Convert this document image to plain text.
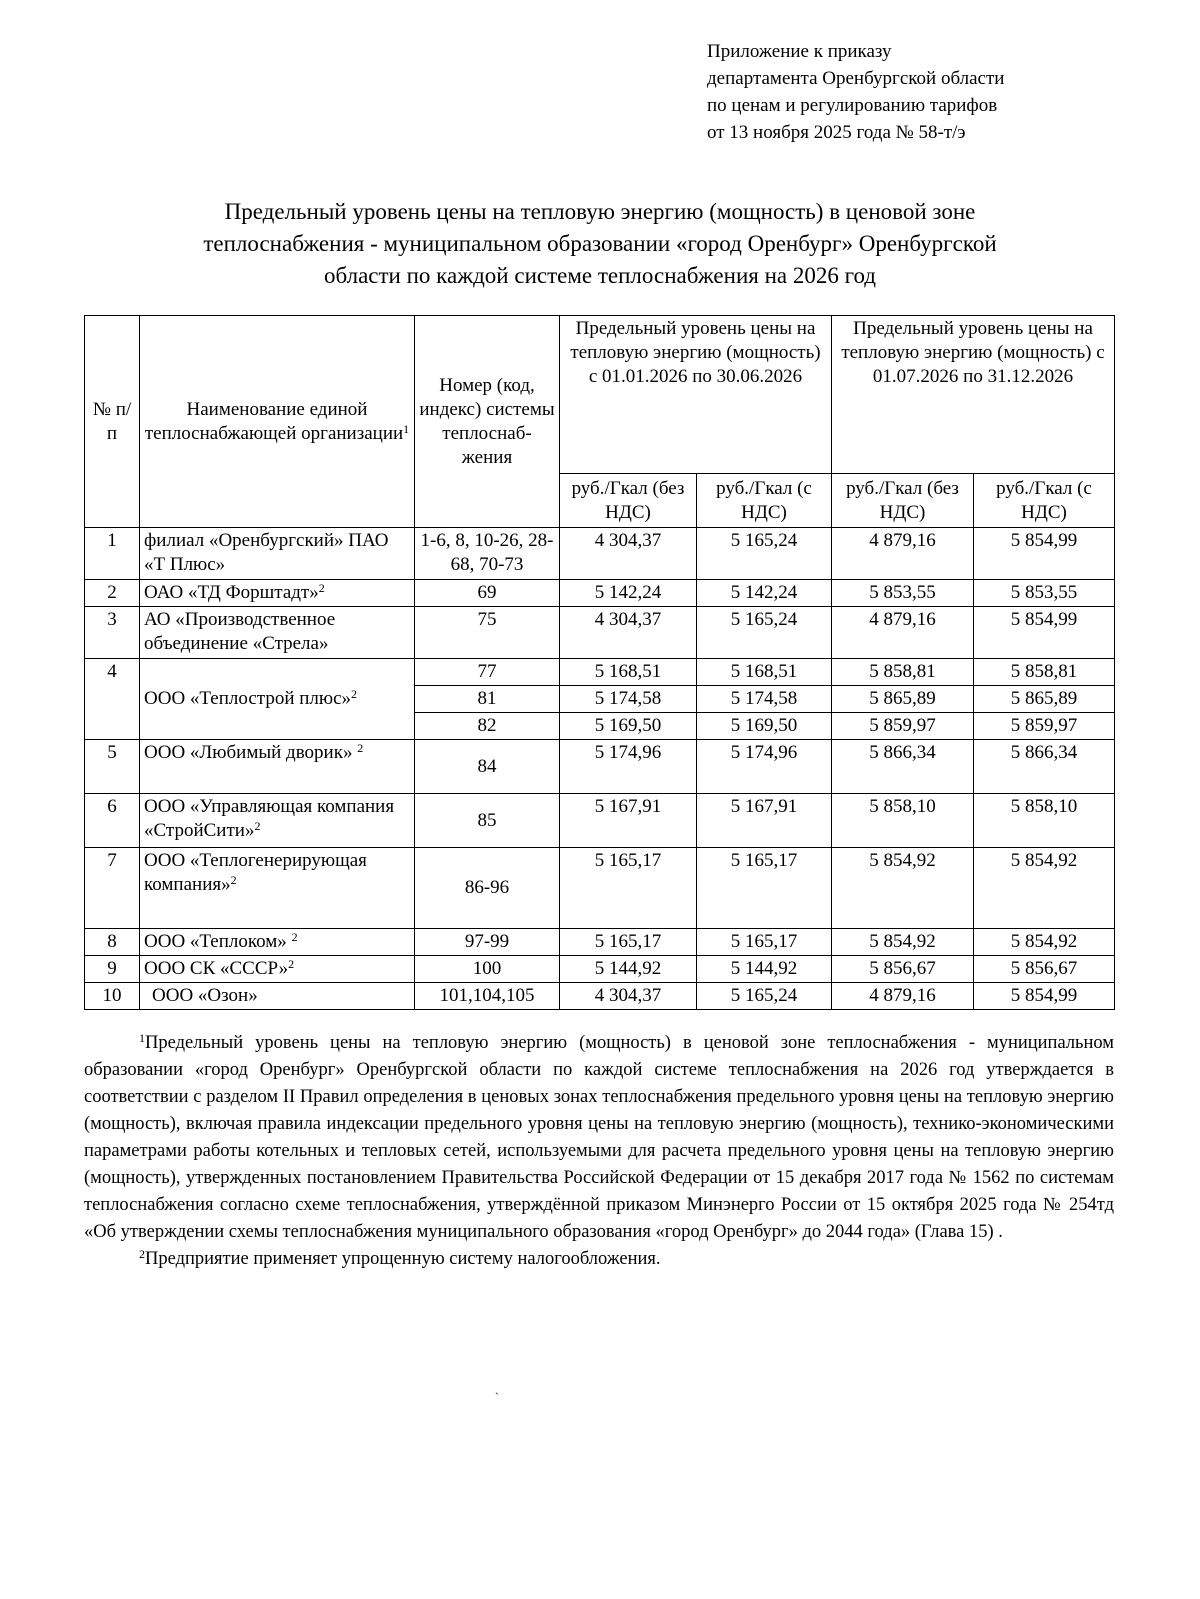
Приложение к приказу
департамента Оренбургской области
по ценам и регулированию тарифов
от 13 ноября 2025 года № 58-т/э
Предельный уровень цены на тепловую энергию (мощность) в ценовой зоне
теплоснабжения - муниципальном образовании «город Оренбург» Оренбургской
области по каждой системе теплоснабжения на 2026 год
№ п/п	Наименование единой теплоснабжающей организации$^1$	Номер (код, индекс) системы теплоснаб-жения	Предельный уровень цены на тепловую энергию (мощность) с 01.01.2026 по 30.06.2026		Предельный уровень цены на тепловую энергию (мощность) с 01.07.2026 по 31.12.2026	
			руб./Гкал (без НДС)	руб./Гкал (с НДС)	руб./Гкал (без НДС)	руб./Гкал (с НДС)
1	филиал «Оренбургский» ПАО «Т Плюс»	1-6, 8, 10-26, 28-68, 70-73	4 304,37	5 165,24	4 879,16	5 854,99
2	ОАО «ТД Форштадт»$^2$	69	5 142,24	5 142,24	5 853,55	5 853,55
3	АО «Производственное объединение «Стрела»	75	4 304,37	5 165,24	4 879,16	5 854,99
4	ООО «Теплострой плюс»$^2$	77	5 168,51	5 168,51	5 858,81	5 858,81
		81	5 174,58	5 174,58	5 865,89	5 865,89
		82	5 169,50	5 169,50	5 859,97	5 859,97
5	ООО «Любимый дворик» $^2$	84	5 174,96	5 174,96	5 866,34	5 866,34
6	ООО «Управляющая компания «СтройСити»$^2$	85	5 167,91	5 167,91	5 858,10	5 858,10
7	ООО «Теплогенерирующая компания»$^2$	86-96	5 165,17	5 165,17	5 854,92	5 854,92
8	ООО «Теплоком» $^2$	97-99	5 165,17	5 165,17	5 854,92	5 854,92
9	ООО СК «СССР»$^2$	100	5 144,92	5 144,92	5 856,67	5 856,67
10	ООО «Озон»	101,104,105	4 304,37	5 165,24	4 879,16	5 854,99

$^1$Предельный уровень цены на тепловую энергию (мощность) в ценовой зоне теплоснабжения - муниципальном образовании «город Оренбург» Оренбургской области по каждой системе теплоснабжения на 2026 год утверждается в соответствии с разделом II Правил определения в ценовых зонах теплоснабжения предельного уровня цены на тепловую энергию (мощность), включая правила индексации предельного уровня цены на тепловую энергию (мощность), технико-экономическими параметрами работы котельных и тепловых сетей, используемыми для расчета предельного уровня цены на тепловую энергию (мощность), утвержденных постановлением Правительства Российской Федерации от 15 декабря 2017 года № 1562 по системам теплоснабжения согласно схеме теплоснабжения, утверждённой приказом Минэнерго России от 15 октября 2025 года № 254тд «Об утверждении схемы теплоснабжения муниципального образования «город Оренбург» до 2044 года» (Глава 15) .

$^2$Предприятие применяет упрощенную систему налогообложения.

ˋ
